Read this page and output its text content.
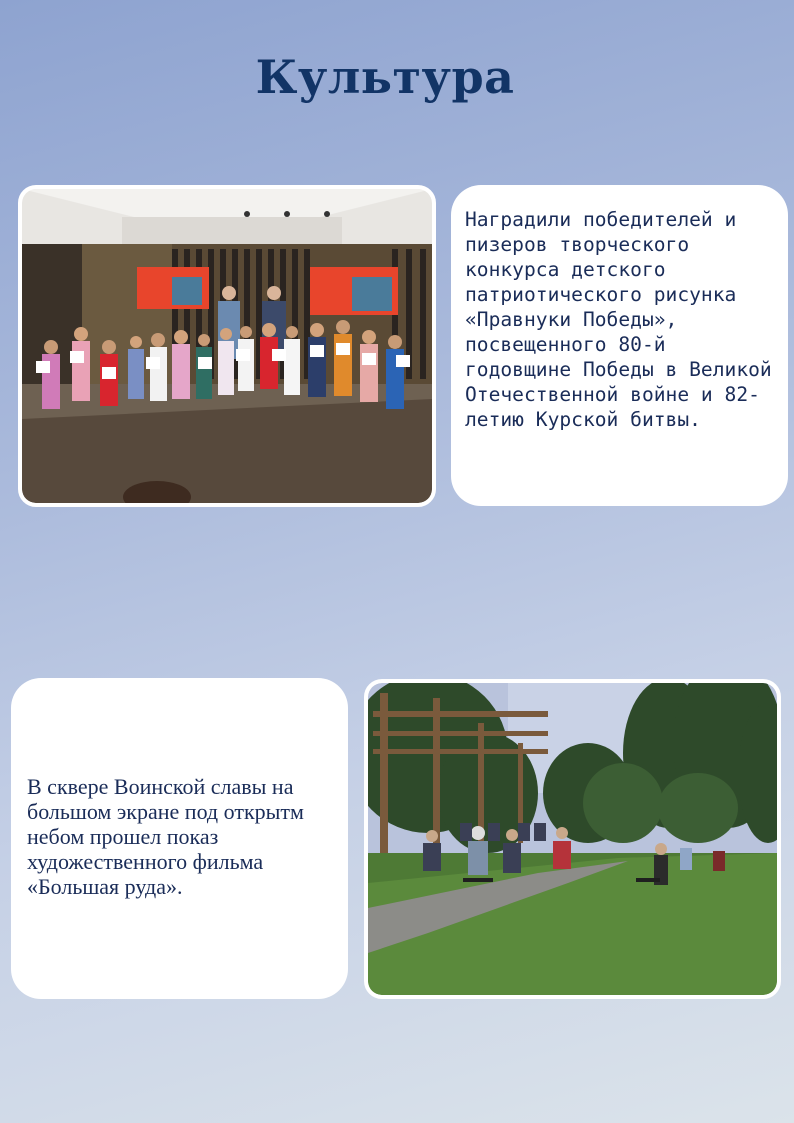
Культура

Наградили победителей и пизеров творческого конкурса детского патриотического рисунка «Правнуки Победы», посвещенного 80-й годовщине Победы в Великой Отечественной войне и 82-летию Курской битвы.

В сквере Воинской славы на большом экране под открытм небом прошел показ художественного фильма «Большая руда».
